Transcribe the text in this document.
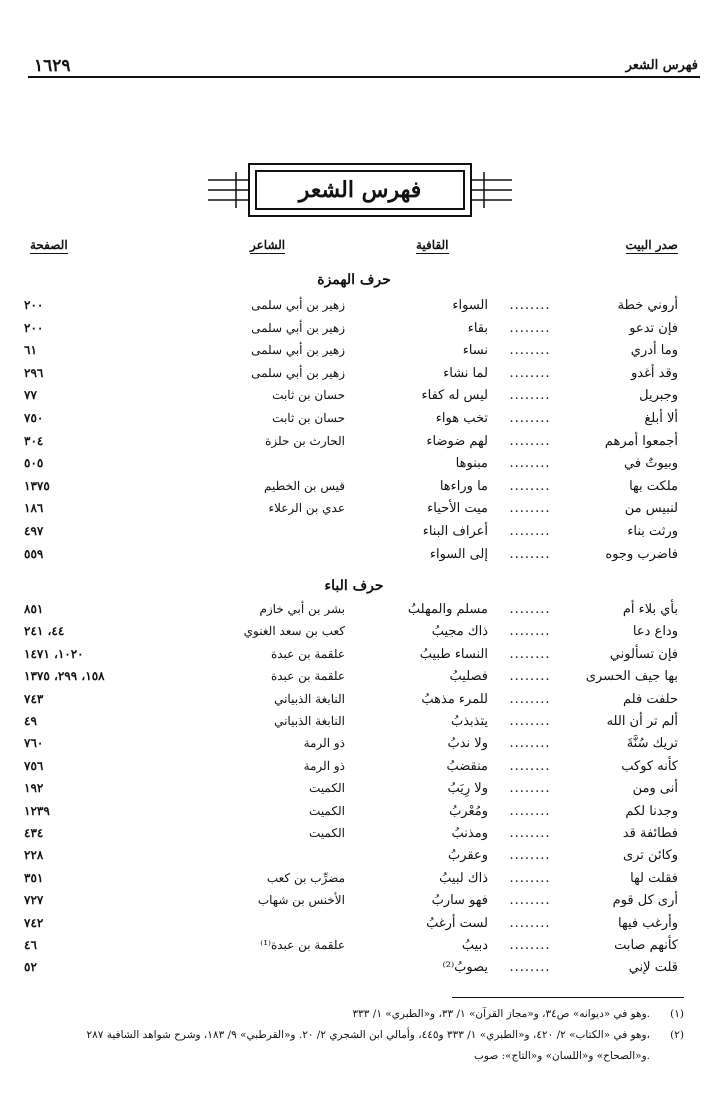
١٦٢٩	فهرس الشعر
فهرس الشعر
صدر البيت
القافية
الشاعر
الصفحة
حرف الهمزة
أروني خطة
........
السواء
زهير بن أبي سلمى
٢٠٠
فإن تدعو
........
بقاء
زهير بن أبي سلمى
٢٠٠
وما أدري
........
نساء
زهير بن أبي سلمى
٦١
وقد أغدو
........
لما نشاء
زهير بن أبي سلمى
٢٩٦
وجبريل
........
ليس له كفاء
حسان بن ثابت
٧٧
ألا أبلغ
........
تخب هواء
حسان بن ثابت
٧٥٠
أجمعوا أمرهم
........
لهم ضوضاء
الحارث بن حلزة
٣٠٤
وبيوتٌ في
........
مبنوها
٥٠٥
ملكت بها
........
ما وراءها
قيس بن الخطيم
١٣٧٥
لنبيس من
........
ميت الأحياء
عدي بن الرعلاء
١٨٦
ورثت بناء
........
أعراف البناء
٤٩٧
فاضرب وجوه
........
إلى السواء
٥٥٩
حرف الباء
بأي بلاء أم
........
مسلم والمهلبُ
بشر بن أبي خازم
٨٥١
وداع دعا
........
ذاك مجيبُ
كعب بن سعد الغنوي
٤٤، ٢٤١
فإن تسألوني
........
النساء طبيبُ
علقمة بن عبدة
١٠٢٠، ١٤٧١
بها جيف الحسرى
........
فصليبُ
علقمة بن عبدة
١٥٨، ٢٩٩، ١٣٧٥
حلفت فلم
........
للمرء مذهبُ
النابغة الذبياني
٧٤٣
ألم تر أن الله
........
يتذبذبُ
النابغة الذبياني
٤٩
تريك سُنَّةَ
........
ولا ندبُ
ذو الرمة
٧٦٠
كأنه كوكب
........
منقضبُ
ذو الرمة
٧٥٦
أنى ومن
........
ولا رِيَبُ
الكميت
١٩٢
وجدنا لكم
........
ومُعْربُ
الكميت
١٢٣٩
فطائفة قد
........
ومذنبُ
الكميت
٤٣٤
وكائن ترى
........
وعقربُ
٢٢٨
فقلت لها
........
ذاك لبيبُ
مضرِّب بن كعب
٣٥١
أرى كل قوم
........
فهو ساربُ
الأخنس بن شهاب
٧٢٧
وأرغب فيها
........
لست أرغبُ
٧٤٢
كأنهم صابت
........
دبيبُ
علقمة بن عبدة⁽¹⁾
٤٦
قلت لإني
........
يصوبُ⁽²⁾
٥٢
(١)
وهو في «ديوانه» ص٣٤، و«مجاز القرآن» ١/ ٣٣، و«الطبري» ١/ ٣٣٣.
(٢)
وهو في «الكتاب» ٢/ ٤٢٠، و«الطبري» ١/ ٣٣٣ و٤٤٥، وأمالي ابن الشجري ٢/ ٢٠. و«القرطبي» ٩/ ١٨٣، وشرح شواهد الشافية ٢٨٧،
و«الصحاح» و«اللسان» و«التاج»: صوب.
